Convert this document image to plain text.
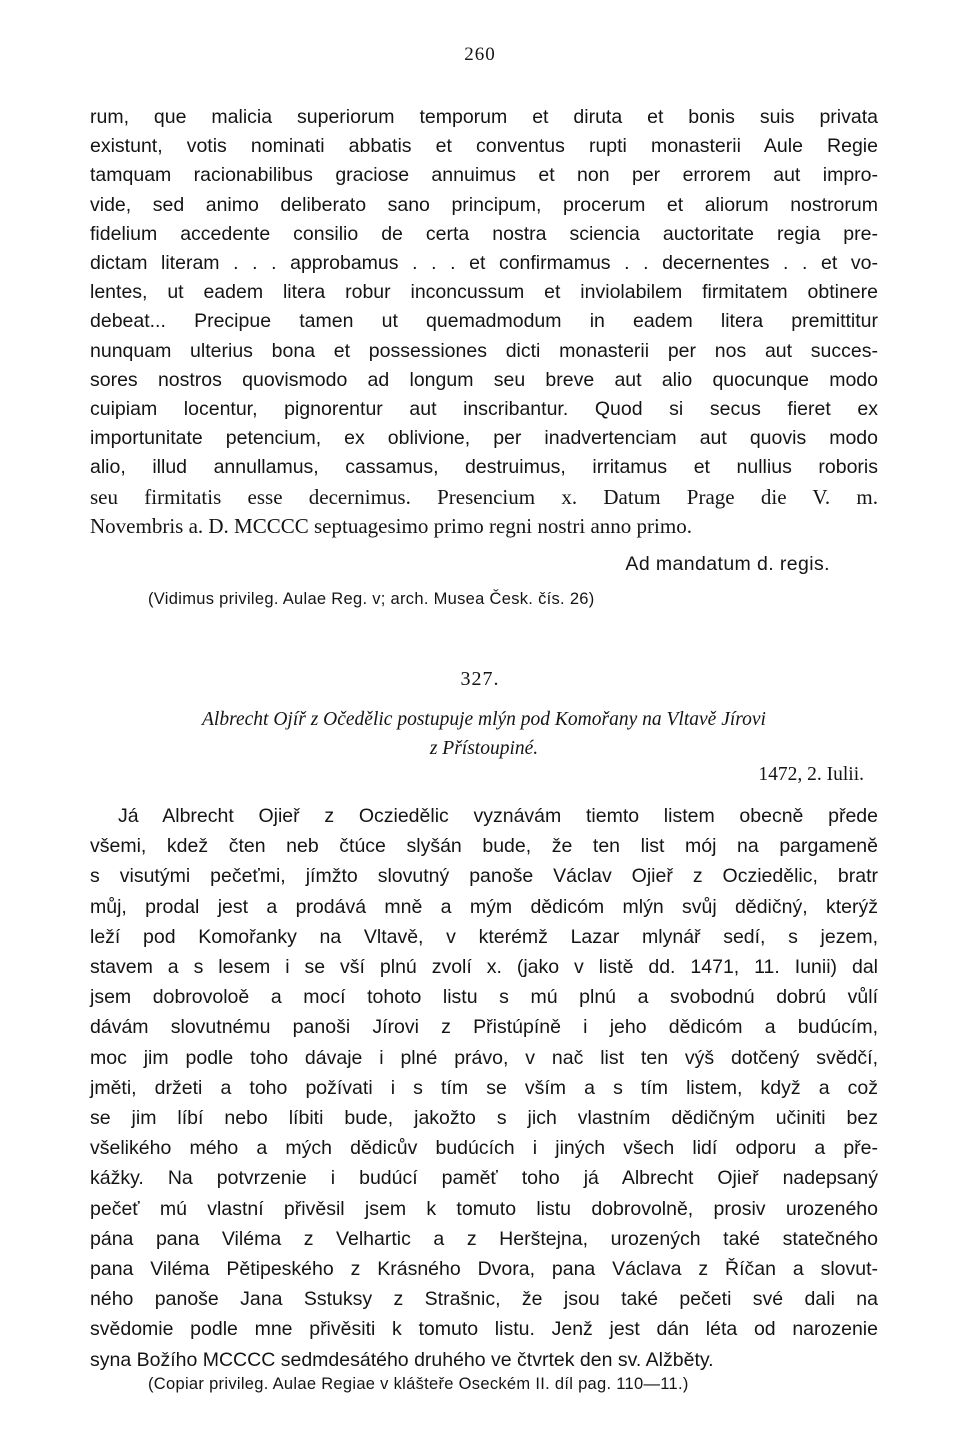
260
rum, que malicia superiorum temporum et diruta et bonis suis privata
existunt, votis nominati abbatis et conventus rupti monasterii Aule Regie
tamquam racionabilibus graciose annuimus et non per errorem aut impro-
vide, sed animo deliberato sano principum, procerum et aliorum nostrorum
fidelium accedente consilio de certa nostra sciencia auctoritate regia pre-
dictam literam . . . approbamus . . . et confirmamus . . decernentes . . et vo-
lentes, ut eadem litera robur inconcussum et inviolabilem firmitatem obtinere
debeat... Precipue tamen ut quemadmodum in eadem litera premittitur
nunquam ulterius bona et possessiones dicti monasterii per nos aut succes-
sores nostros quovismodo ad longum seu breve aut alio quocunque modo
cuipiam locentur, pignorentur aut inscribantur. Quod si secus fieret ex
importunitate petencium, ex oblivione, per inadvertenciam aut quovis modo
alio, illud annullamus, cassamus, destruimus, irritamus et nullius roboris
seu firmitatis esse decernimus. Presencium x. Datum Prage die V. m.
Novembris a. D. MCCCC septuagesimo primo regni nostri anno primo.
Ad mandatum d. regis.
(Vidimus privileg. Aulae Reg. v; arch. Musea Česk. čís. 26)
327.
Albrecht Ojíř z Očedělic postupuje mlýn pod Komořany na Vltavě Jírovi
z Přístoupiné.
1472, 2. Iulii.
Já Albrecht Ojieř z Ocziedělic vyznávám tiemto listem obecně přede
všemi, kdež čten neb čtúce slyšán bude, že ten list mój na pargamenĕ
s visutými pečeťmi, jímžto slovutný panoše Václav Ojieř z Ocziedělic, bratr
můj, prodal jest a prodává mně a mým dědicóm mlýn svůj dědičný, kterýž
leží pod Komořanky na Vltavě, v kterémž Lazar mlynář sedí, s jezem,
stavem a s lesem i se vší plnú zvolí x. (jako v listě dd. 1471, 11. Iunii) dal
jsem dobrovoloě a mocí tohoto listu s mú plnú a svobodnú dobrú vůlí
dávám slovutnému panoši Jírovi z Přistúpíně i jeho dědicóm a budúcím,
moc jim podle toho dávaje i plné právo, v nač list ten výš dotčený svědčí,
jměti, držeti a toho požívati i s tím se vším a s tím listem, když a což
se jim líbí nebo líbiti bude, jakožto s jich vlastním dědičným učiniti bez
všelikého mého a mých dědicův budúcích i jiných všech lidí odporu a pře-
kážky. Na potvrzenie i budúcí paměť toho já Albrecht Ojieř nadepsaný
pečeť mú vlastní přivěsil jsem k tomuto listu dobrovolně, prosiv urozeného
pána pana Viléma z Velhartic a z Herštejna, urozených také statečného
pana Viléma Pětipeského z Krásného Dvora, pana Václava z Říčan a slovut-
ného panoše Jana Sstuksy z Strašnic, že jsou také pečeti své dali na
svědomie podle mne přivěsiti k tomuto listu. Jenž jest dán léta od narozenie
syna Božího MCCCC sedmdesátého druhého ve čtvrtek den sv. Alžběty.
(Copiar privileg. Aulae Regiae v klášteře Oseckém II. díl pag. 110—11.)
